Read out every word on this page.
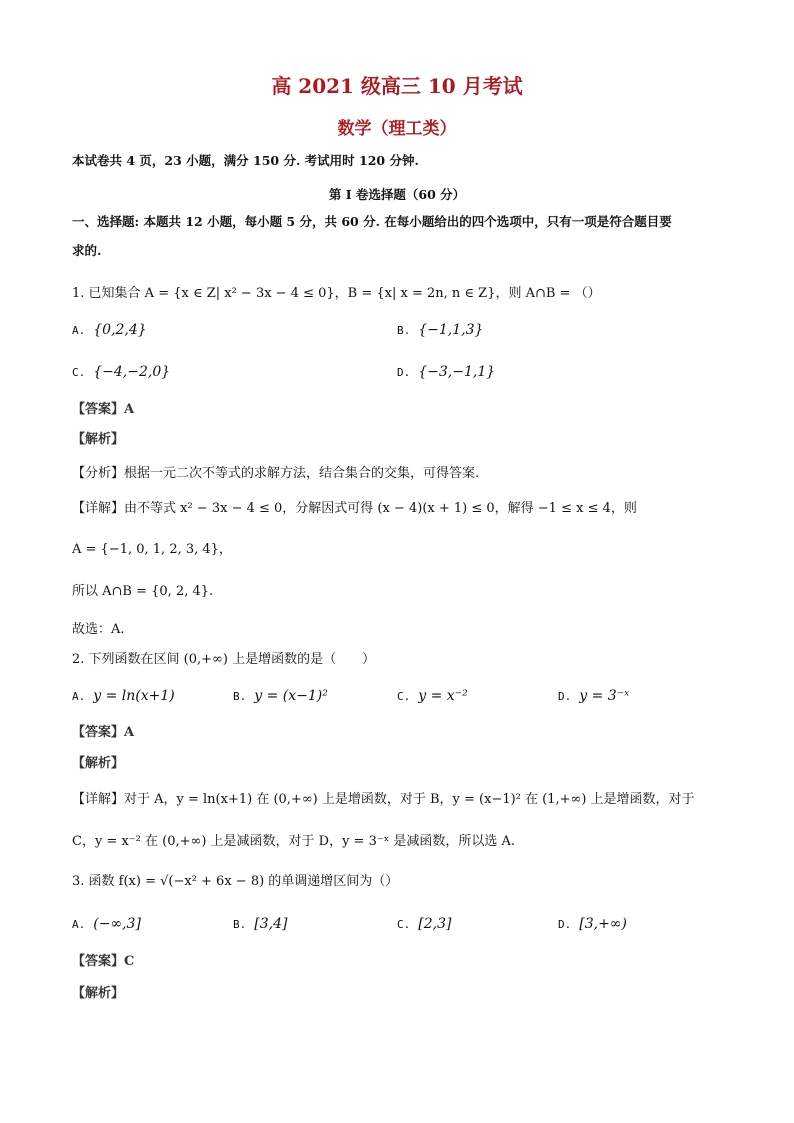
高 2021 级高三 10 月考试
数学（理工类）
本试卷共 4 页，23 小题，满分 150 分. 考试用时 120 分钟.
第 I 卷选择题（60 分）
一、选择题: 本题共 12 小题，每小题 5 分，共 60 分. 在每小题给出的四个选项中，只有一项是符合题目要
求的.
1. 已知集合 A = {x ∈ Z| x² − 3x − 4 ≤ 0}，B = {x| x = 2n, n ∈ Z}，则 A∩B = （）
A. {0,2,4}	B. {−1,1,3}
C. {−4,−2,0}	D. {−3,−1,1}
【答案】A
【解析】
【分析】根据一元二次不等式的求解方法，结合集合的交集，可得答案.
【详解】由不等式 x² − 3x − 4 ≤ 0，分解因式可得 (x − 4)(x + 1) ≤ 0，解得 −1 ≤ x ≤ 4，则
A = {−1, 0, 1, 2, 3, 4}，
所以 A∩B = {0, 2, 4}.
故选：A.
2. 下列函数在区间 (0,+∞) 上是增函数的是（　　）
A. y = ln(x+1)	B. y = (x−1)²	C. y = x⁻²	D. y = 3⁻ˣ
【答案】A
【解析】
【详解】对于 A，y = ln(x+1) 在 (0,+∞) 上是增函数，对于 B，y = (x−1)² 在 (1,+∞) 上是增函数，对于
C，y = x⁻² 在 (0,+∞) 上是减函数，对于 D，y = 3⁻ˣ 是减函数，所以选 A.
3. 函数 f(x) = √(−x² + 6x − 8) 的单调递增区间为（）
A. (−∞,3]	B. [3,4]	C. [2,3]	D. [3,+∞)
【答案】C
【解析】
